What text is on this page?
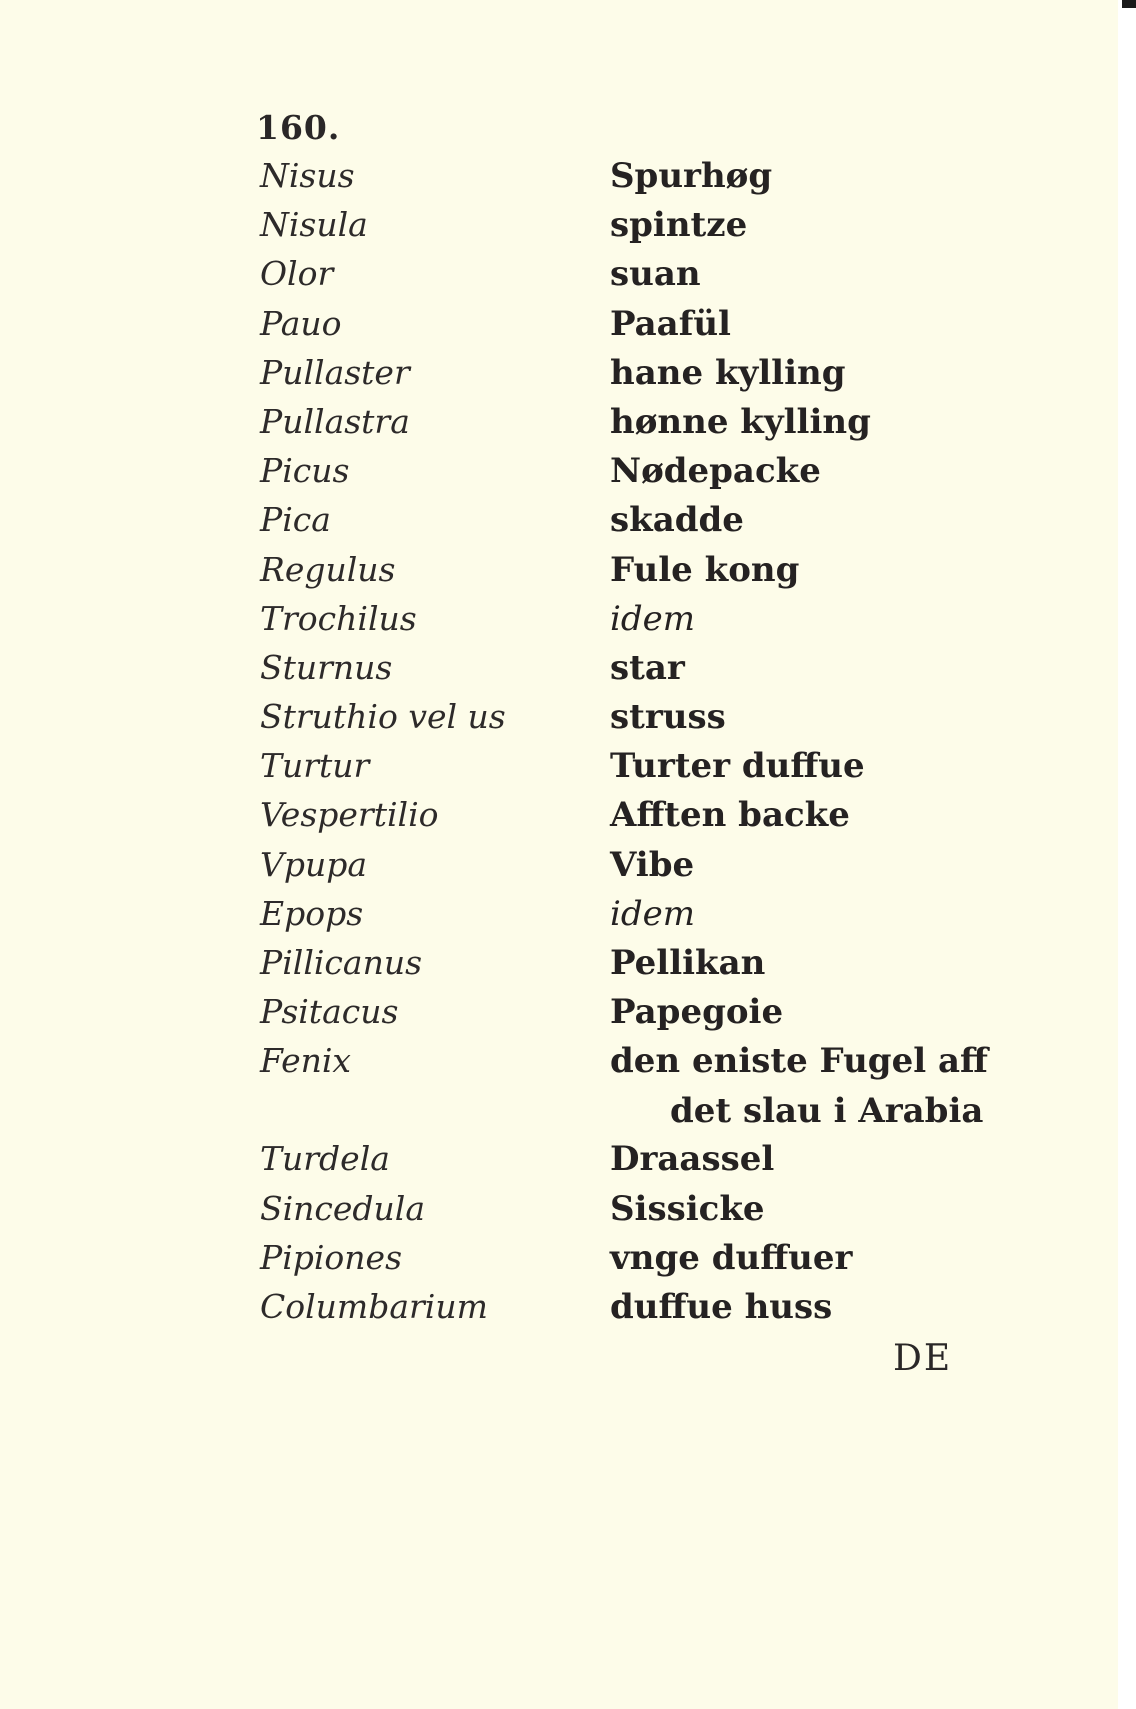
160.
Nisus	Spurhøg
Nisula	spintze
Olor	suan
Pauo	Paafül
Pullaster	hane kylling
Pullastra	hønne kylling
Picus	Nødepacke
Pica	skadde
Regulus	Fule kong
Trochilus	idem
Sturnus	star
Struthio vel us	struss
Turtur	Turter duffue
Vespertilio	Afften backe
Vpupa	Vibe
Epops	idem
Pillicanus	Pellikan
Psitacus	Papegoie
Fenix	den eniste Fugel aff
det slau i Arabia
Turdela	Draassel
Sincedula	Sissicke
Pipiones	vnge duffuer
Columbarium	duffue huss
DE
